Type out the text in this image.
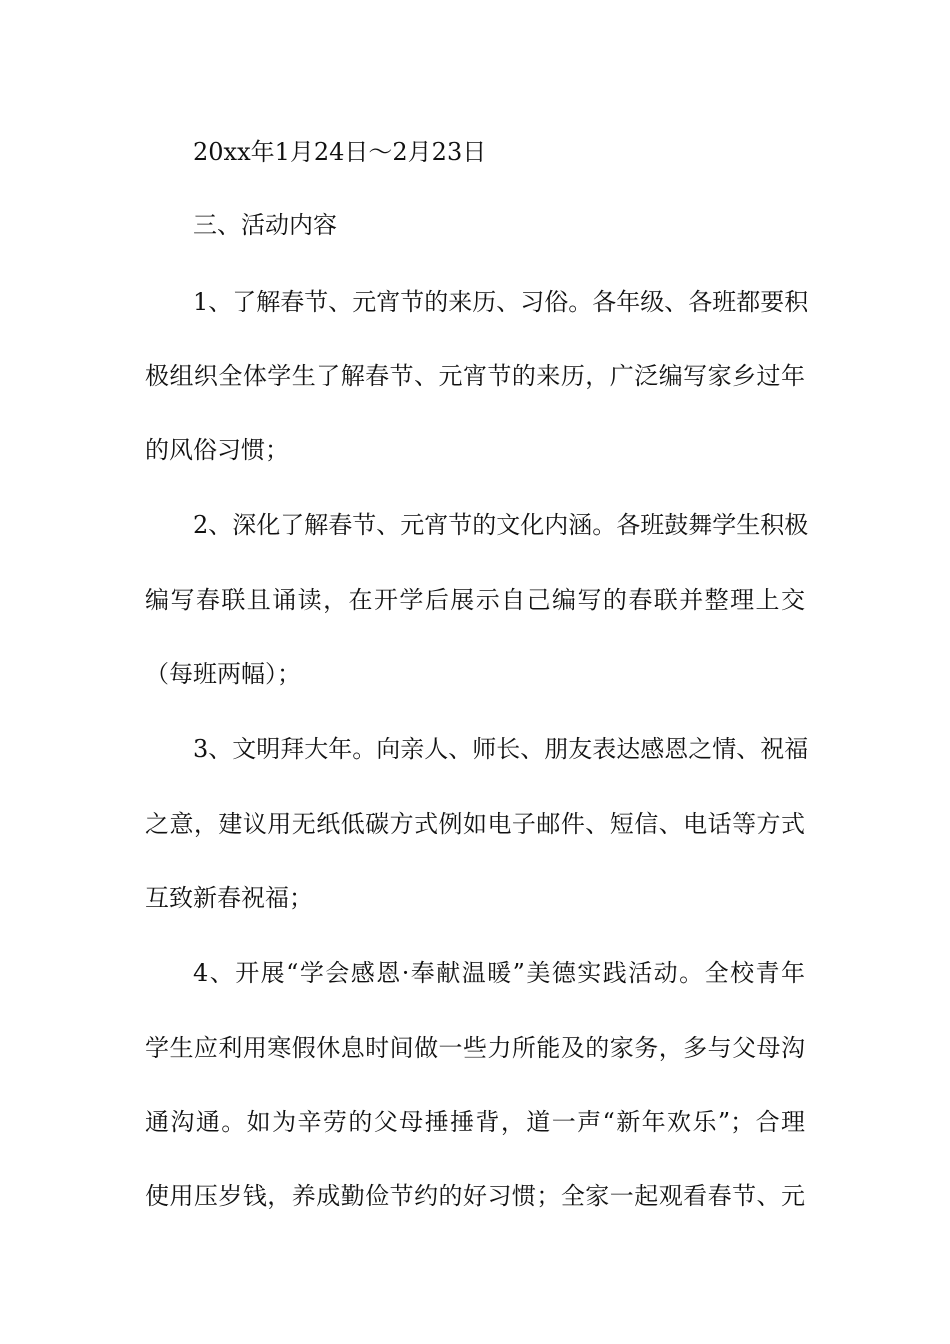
20xx年1月24日～2月23日
三、活动内容
1、了解春节、元宵节的来历、习俗。各年级、各班都要积
极组织全体学生了解春节、元宵节的来历，广泛编写家乡过年
的风俗习惯；
2、深化了解春节、元宵节的文化内涵。各班鼓舞学生积极
编写春联且诵读，在开学后展示自己编写的春联并整理上交
（每班两幅）；
3、文明拜大年。向亲人、师长、朋友表达感恩之情、祝福
之意，建议用无纸低碳方式例如电子邮件、短信、电话等方式
互致新春祝福；
4、开展“学会感恩·奉献温暖”美德实践活动。全校青年
学生应利用寒假休息时间做一些力所能及的家务，多与父母沟
通沟通。如为辛劳的父母捶捶背，道一声“新年欢乐”；合理
使用压岁钱，养成勤俭节约的好习惯；全家一起观看春节、元
